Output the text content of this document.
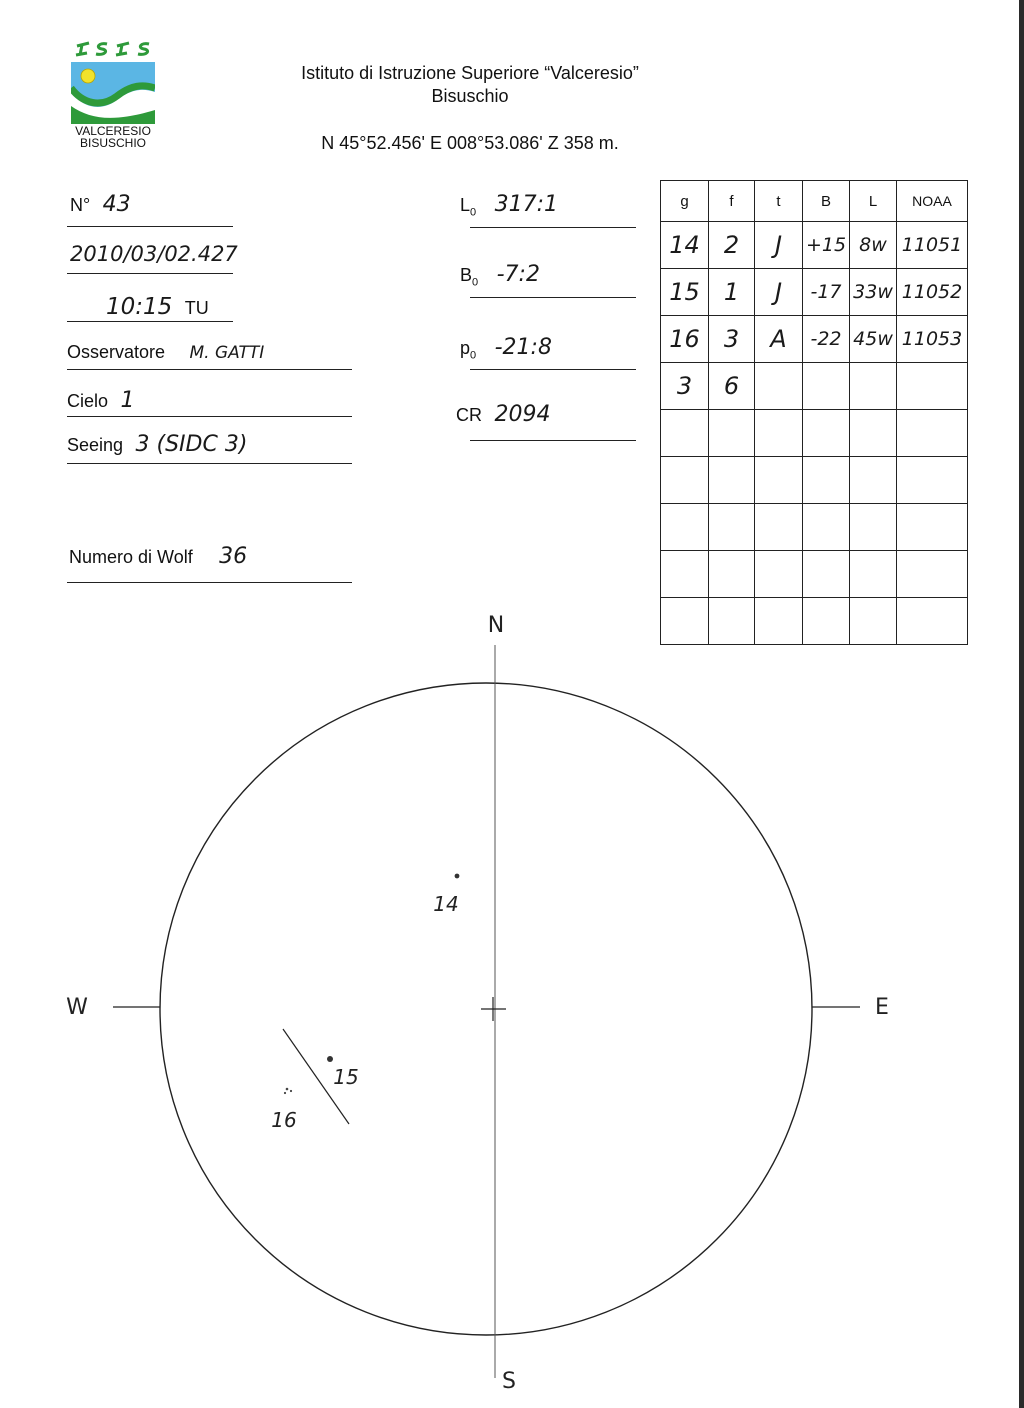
VALCERESIO
BISUSCHIO
Istituto di Istruzione Superiore “Valceresio”
Bisuschio
N 45°52.456' E 008°53.086' Z 358 m.
N° 43
2010/03/02.427
10:15 TU
Osservatore M. GATTI
Cielo 1
Seeing 3 (SIDC 3)
Numero di Wolf 36
$L_0$ 317:1
$B_0$ -7:2
$p_0$ -21:8
CR 2094
g	f	t	B	L	NOAA
14	2	J	+15	8w	11051
15	1	J	-17	33w	11052
16	3	A	-22	45w	11053
3	6				

N
S
E
W
14
15
16
